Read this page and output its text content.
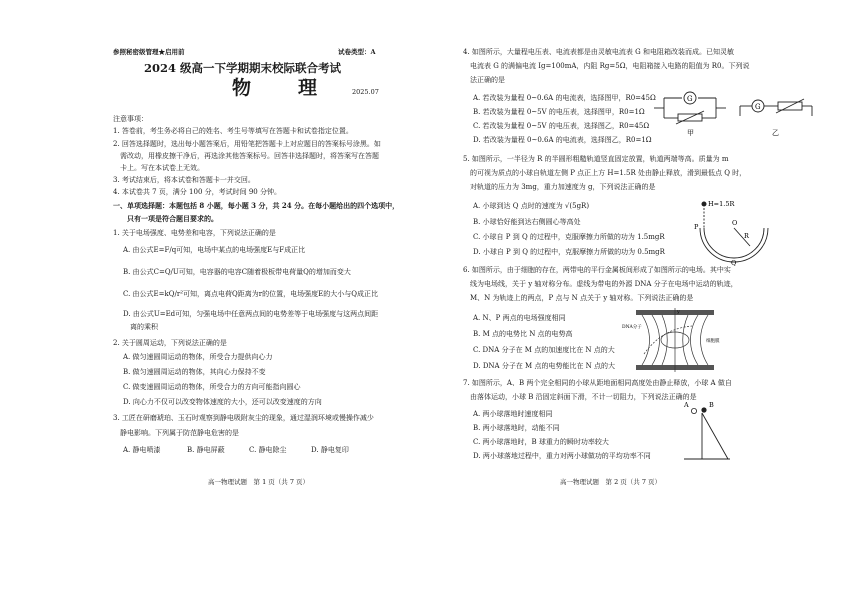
参照秘密级管理★启用前	试卷类型：A
2024 级高一下学期期末校际联合考试
物　理	2025.07
注意事项：
1. 答卷前，考生务必将自己的姓名、考生号等填写在答题卡和试卷指定位置。
2. 回答选择题时，选出每小题答案后，用铅笔把答题卡上对应题目的答案标号涂黑。如
　需改动，用橡皮擦干净后，再选涂其他答案标号。回答非选择题时，将答案写在答题
　卡上。写在本试卷上无效。
3. 考试结束后，将本试卷和答题卡一并交回。
4. 本试卷共 7 页，满分 100 分，考试时间 90 分钟。
一、单项选择题：本题包括 8 小题，每小题 3 分，共 24 分。在每小题给出的四个选项中，
　　只有一项是符合题目要求的。
1. 关于电场强度、电势差和电容，下列说法正确的是
A. 由公式E=F/q可知，电场中某点的电场强度E与F成正比
B. 由公式C=Q/U可知，电容器的电容C随着极板带电荷量Q的增加而变大
C. 由公式E=kQ/r²可知，离点电荷Q距离为r的位置，电场强度E的大小与Q成正比
D. 由公式U=Ed可知，匀强电场中任意两点间的电势差等于电场强度与这两点间距
　离的乘积
2. 关于圆周运动，下列说法正确的是
A. 做匀速圆周运动的物体，所受合力提供向心力
B. 做匀速圆周运动的物体，其向心力保持不变
C. 做变速圆周运动的物体，所受合力的方向可能指向圆心
D. 向心力不仅可以改变物体速度的大小，还可以改变速度的方向
3. 工匠在研磨琥珀、玉石时观察到静电吸附灰尘的现象，通过湿润环境或慢操作减少
　静电影响。下列属于防范静电危害的是
A. 静电喷漆	B. 静电屏蔽	C. 静电除尘	D. 静电复印
高一物理试题　第 1 页（共 7 页）
4. 如图所示，大量程电压表、电流表都是由灵敏电流表 G 和电阻箱改装而成。已知灵敏
　电流表 G 的满偏电流 Ig=100mA，内阻 Rg=5Ω，电阻箱接入电路的阻值为 R0。下列说
　法正确的是
A. 若改装为量程 0~0.6A 的电流表，选择图甲，R0=45Ω
B. 若改装为量程 0~5V 的电压表，选择图甲，R0=1Ω
C. 若改装为量程 0~5V 的电压表，选择图乙，R0=45Ω
D. 若改装为量程 0~0.6A 的电流表，选择图乙，R0=1Ω
G
G
甲	乙
5. 如图所示，一半径为 R 的半圆形粗糙轨道竖直固定放置，轨道两端等高。质量为 m
　的可视为质点的小球自轨道左侧 P 点正上方 H=1.5R 处由静止释放，滑到最低点 Q 时，
　对轨道的压力为 3mg，重力加速度为 g，下列说法正确的是
A. 小球到达 Q 点时的速度为 √(5gR)
B. 小球恰好能到达右侧圆心等高处
C. 小球自 P 到 Q 的过程中，克服摩擦力所做的功为 1.5mgR
D. 小球自 P 到 Q 的过程中，克服摩擦力所做的功为 0.5mgR
H=1.5R
P	O
R
Q
6. 如图所示，由于细胞的存在，两带电的平行金属板间形成了如图所示的电场。其中实
　线为电场线，关于 y 轴对称分布。虚线为带电的外源 DNA 分子在电场中运动的轨迹，
　M、N 为轨迹上的两点，P 点与 N 点关于 y 轴对称。下列说法正确的是
A. N、P 两点的电场强度相同
B. M 点的电势比 N 点的电势高
C. DNA 分子在 M 点的加速度比在 N 点的大
D. DNA 分子在 M 点的电势能比在 N 点的大
y
DNA分子
细胞膜
7. 如图所示，A、B 两个完全相同的小球从距地面相同高度处由静止释放，小球 A 做自
　由落体运动，小球 B 沿固定斜面下滑，不计一切阻力，下列说法正确的是
A. 两小球落地时速度相同
B. 两小球落地时，动能不同
C. 两小球落地时，B 球重力的瞬时功率较大
D. 两小球落地过程中，重力对两小球做功的平均功率不同
A	B
高一物理试题　第 2 页（共 7 页）
